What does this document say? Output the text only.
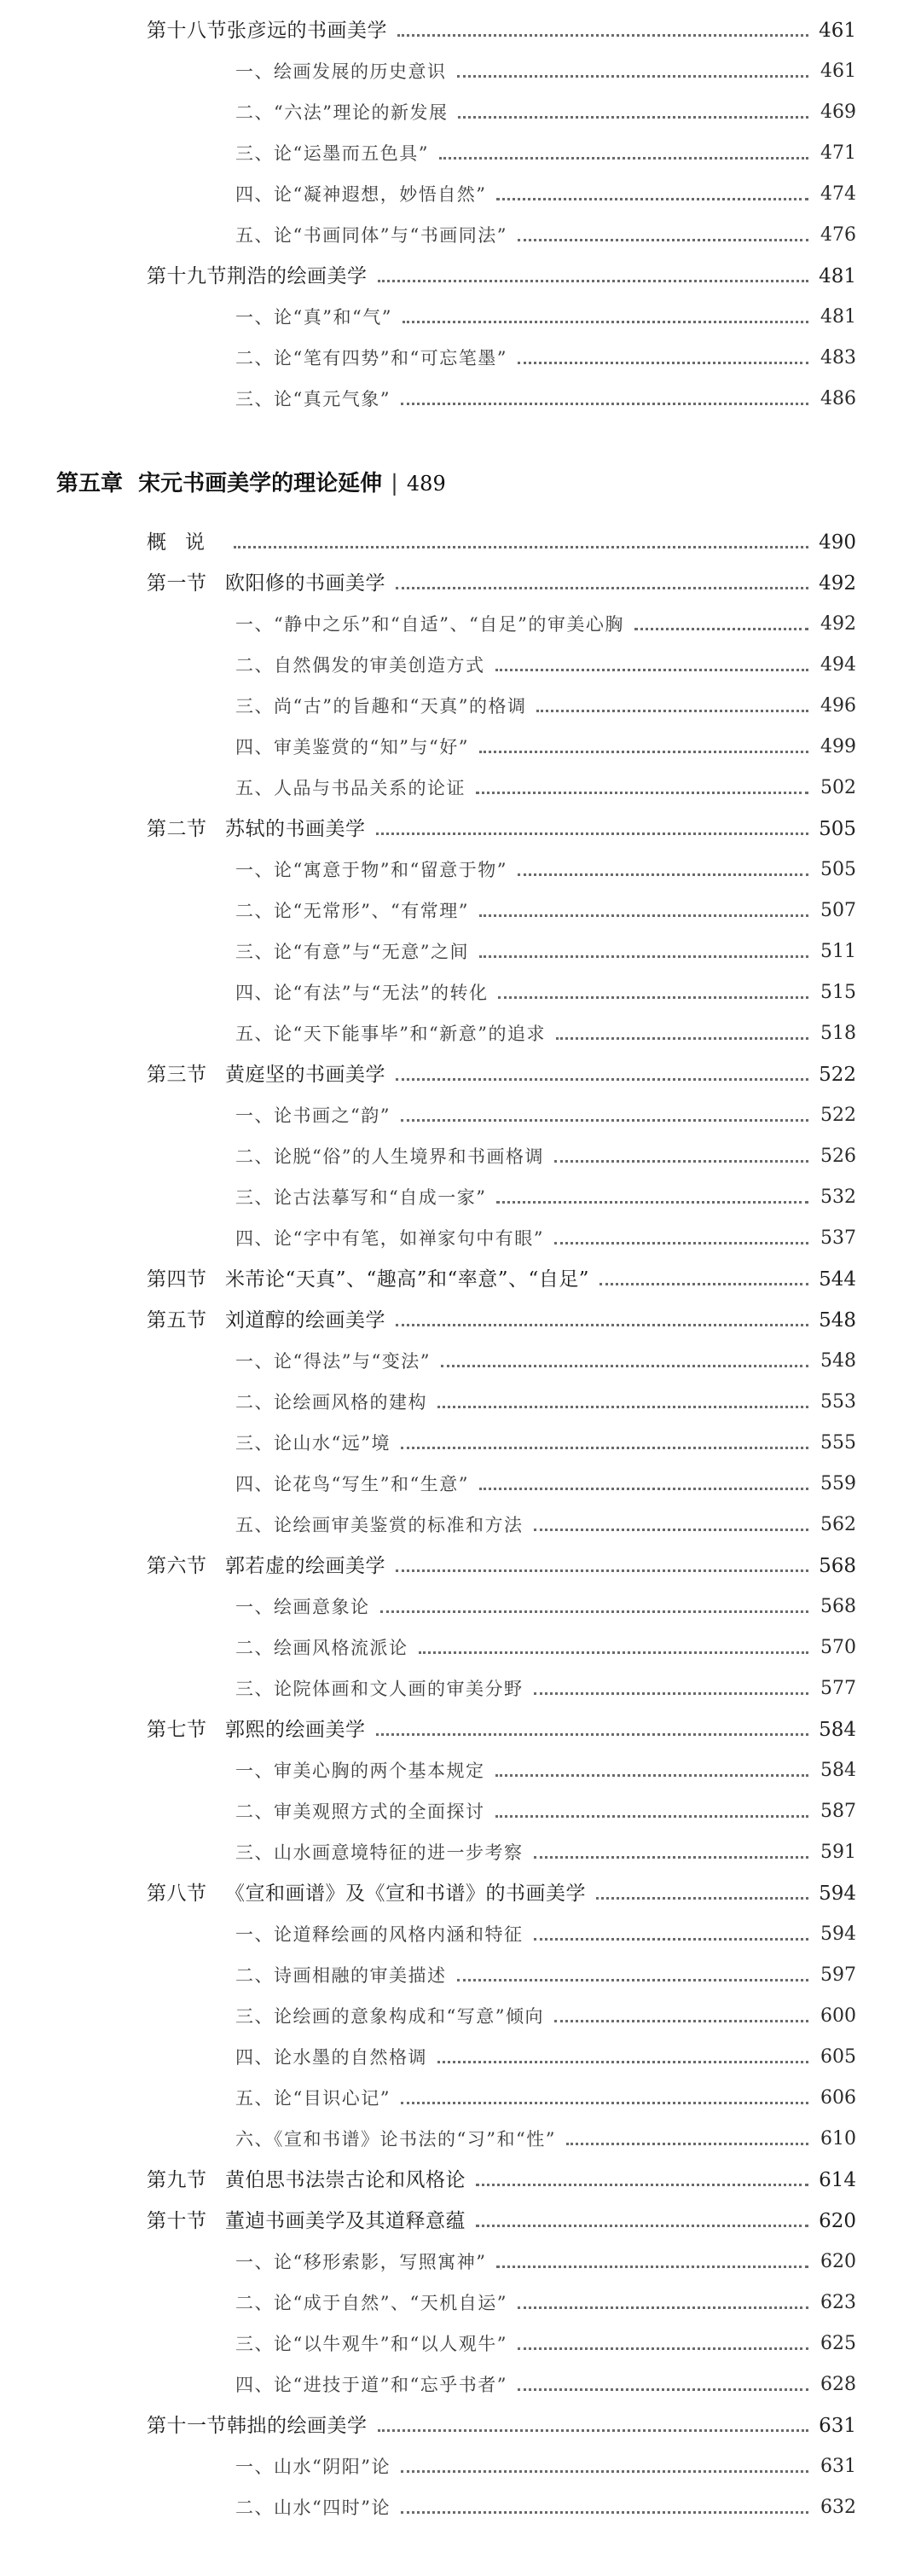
第十八节张彦远的书画美学	461
一、绘画发展的历史意识	461
二、“六法”理论的新发展	469
三、论“运墨而五色具”	471
四、论“凝神遐想，妙悟自然”	474
五、论“书画同体”与“书画同法”	476
第十九节荆浩的绘画美学	481
一、论“真”和“气”	481
二、论“笔有四势”和“可忘笔墨”	483
三、论“真元气象”	486
第五章 宋元书画美学的理论延伸 | 489
概说	490
第一节 欧阳修的书画美学	492
一、“静中之乐”和“自适”、“自足”的审美心胸	492
二、自然偶发的审美创造方式	494
三、尚“古”的旨趣和“天真”的格调	496
四、审美鉴赏的“知”与“好”	499
五、人品与书品关系的论证	502
第二节 苏轼的书画美学	505
一、论“寓意于物”和“留意于物”	505
二、论“无常形”、“有常理”	507
三、论“有意”与“无意”之间	511
四、论“有法”与“无法”的转化	515
五、论“天下能事毕”和“新意”的追求	518
第三节 黄庭坚的书画美学	522
一、论书画之“韵”	522
二、论脱“俗”的人生境界和书画格调	526
三、论古法摹写和“自成一家”	532
四、论“字中有笔，如禅家句中有眼”	537
第四节 米芾论“天真”、“趣高”和“率意”、“自足”	544
第五节 刘道醇的绘画美学	548
一、论“得法”与“变法”	548
二、论绘画风格的建构	553
三、论山水“远”境	555
四、论花鸟“写生”和“生意”	559
五、论绘画审美鉴赏的标准和方法	562
第六节 郭若虚的绘画美学	568
一、绘画意象论	568
二、绘画风格流派论	570
三、论院体画和文人画的审美分野	577
第七节 郭熙的绘画美学	584
一、审美心胸的两个基本规定	584
二、审美观照方式的全面探讨	587
三、山水画意境特征的进一步考察	591
第八节 《宣和画谱》及《宣和书谱》的书画美学	594
一、论道释绘画的风格内涵和特征	594
二、诗画相融的审美描述	597
三、论绘画的意象构成和“写意”倾向	600
四、论水墨的自然格调	605
五、论“目识心记”	606
六、《宣和书谱》论书法的“习”和“性”	610
第九节 黄伯思书法崇古论和风格论	614
第十节 董逌书画美学及其道释意蕴	620
一、论“移形索影，写照寓神”	620
二、论“成于自然”、“天机自运”	623
三、论“以牛观牛”和“以人观牛”	625
四、论“进技于道”和“忘乎书者”	628
第十一节韩拙的绘画美学	631
一、山水“阴阳”论	631
二、山水“四时”论	632
